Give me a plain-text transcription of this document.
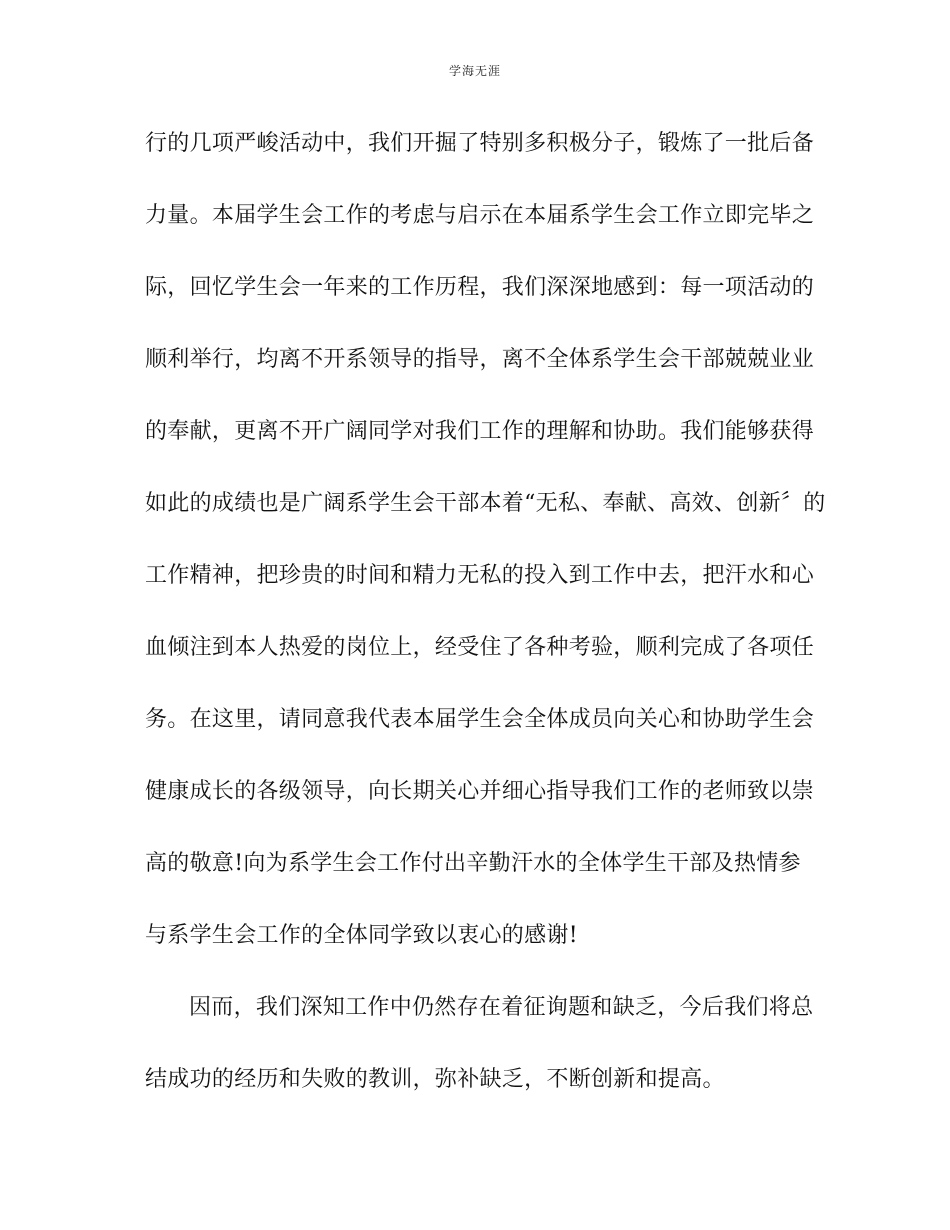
学海无涯
行的几项严峻活动中，我们开掘了特别多积极分子，锻炼了一批后备
力量。本届学生会工作的考虑与启示在本届系学生会工作立即完毕之
际，回忆学生会一年来的工作历程，我们深深地感到：每一项活动的
顺利举行，均离不开系领导的指导，离不全体系学生会干部兢兢业业
的奉献，更离不开广阔同学对我们工作的理解和协助。我们能够获得
如此的成绩也是广阔系学生会干部本着“无私、奉献、高效、创新〞的
工作精神，把珍贵的时间和精力无私的投入到工作中去，把汗水和心
血倾注到本人热爱的岗位上，经受住了各种考验，顺利完成了各项任
务。在这里，请同意我代表本届学生会全体成员向关心和协助学生会
健康成长的各级领导，向长期关心并细心指导我们工作的老师致以崇
高的敬意!向为系学生会工作付出辛勤汗水的全体学生干部及热情参
与系学生会工作的全体同学致以衷心的感谢!
因而，我们深知工作中仍然存在着征询题和缺乏，今后我们将总
结成功的经历和失败的教训，弥补缺乏，不断创新和提高。
